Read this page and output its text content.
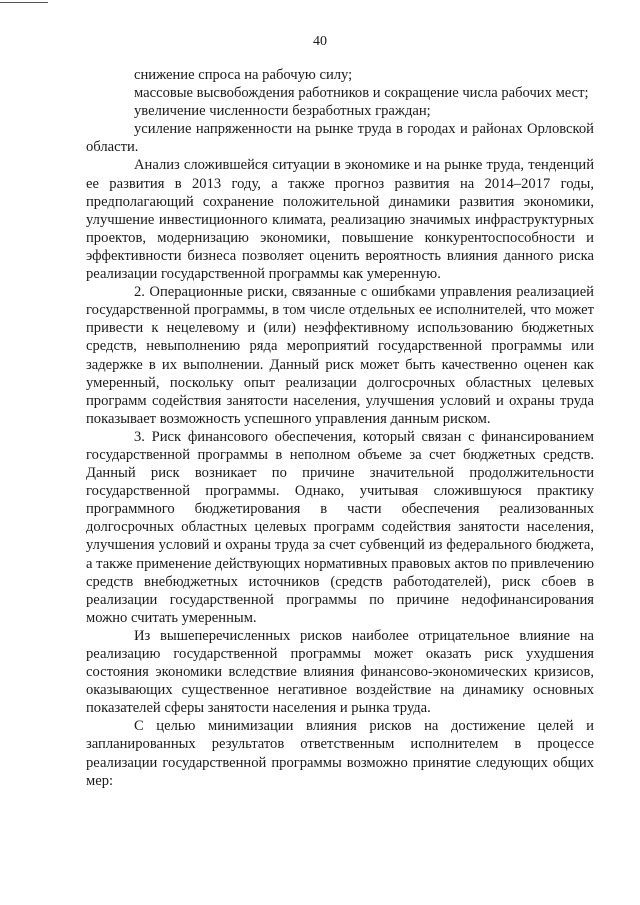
40

снижение спроса на рабочую силу;

массовые высвобождения работников и сокращение числа рабочих мест;

увеличение численности безработных граждан;

усиление напряженности на рынке труда в городах и районах Орловской области.

Анализ сложившейся ситуации в экономике и на рынке труда, тенденций ее развития в 2013 году, а также прогноз развития на 2014–2017 годы, предполагающий сохранение положительной динамики развития экономики, улучшение инвестиционного климата, реализацию значимых инфраструктурных проектов, модернизацию экономики, повышение конкурентоспособности и эффективности бизнеса позволяет оценить вероятность влияния данного риска реализации государственной программы как умеренную.

2. Операционные риски, связанные с ошибками управления реализацией государственной программы, в том числе отдельных ее исполнителей, что может привести к нецелевому и (или) неэффективному использованию бюджетных средств, невыполнению ряда мероприятий государственной программы или задержке в их выполнении. Данный риск может быть качественно оценен как умеренный, поскольку опыт реализации долгосрочных областных целевых программ содействия занятости населения, улучшения условий и охраны труда показывает возможность успешного управления данным риском.

3. Риск финансового обеспечения, который связан с финансированием государственной программы в неполном объеме за счет бюджетных средств. Данный риск возникает по причине значительной продолжительности государственной программы. Однако, учитывая сложившуюся практику программного бюджетирования в части обеспечения реализованных долгосрочных областных целевых программ содействия занятости населения, улучшения условий и охраны труда за счет субвенций из федерального бюджета, а также применение действующих нормативных правовых актов по привлечению средств внебюджетных источников (средств работодателей), риск сбоев в реализации государственной программы по причине недофинансирования можно считать умеренным.

Из вышеперечисленных рисков наиболее отрицательное влияние на реализацию государственной программы может оказать риск ухудшения состояния экономики вследствие влияния финансово-экономических кризисов, оказывающих существенное негативное воздействие на динамику основных показателей сферы занятости населения и рынка труда.

С целью минимизации влияния рисков на достижение целей и запланированных результатов ответственным исполнителем в процессе реализации государственной программы возможно принятие следующих общих мер:
